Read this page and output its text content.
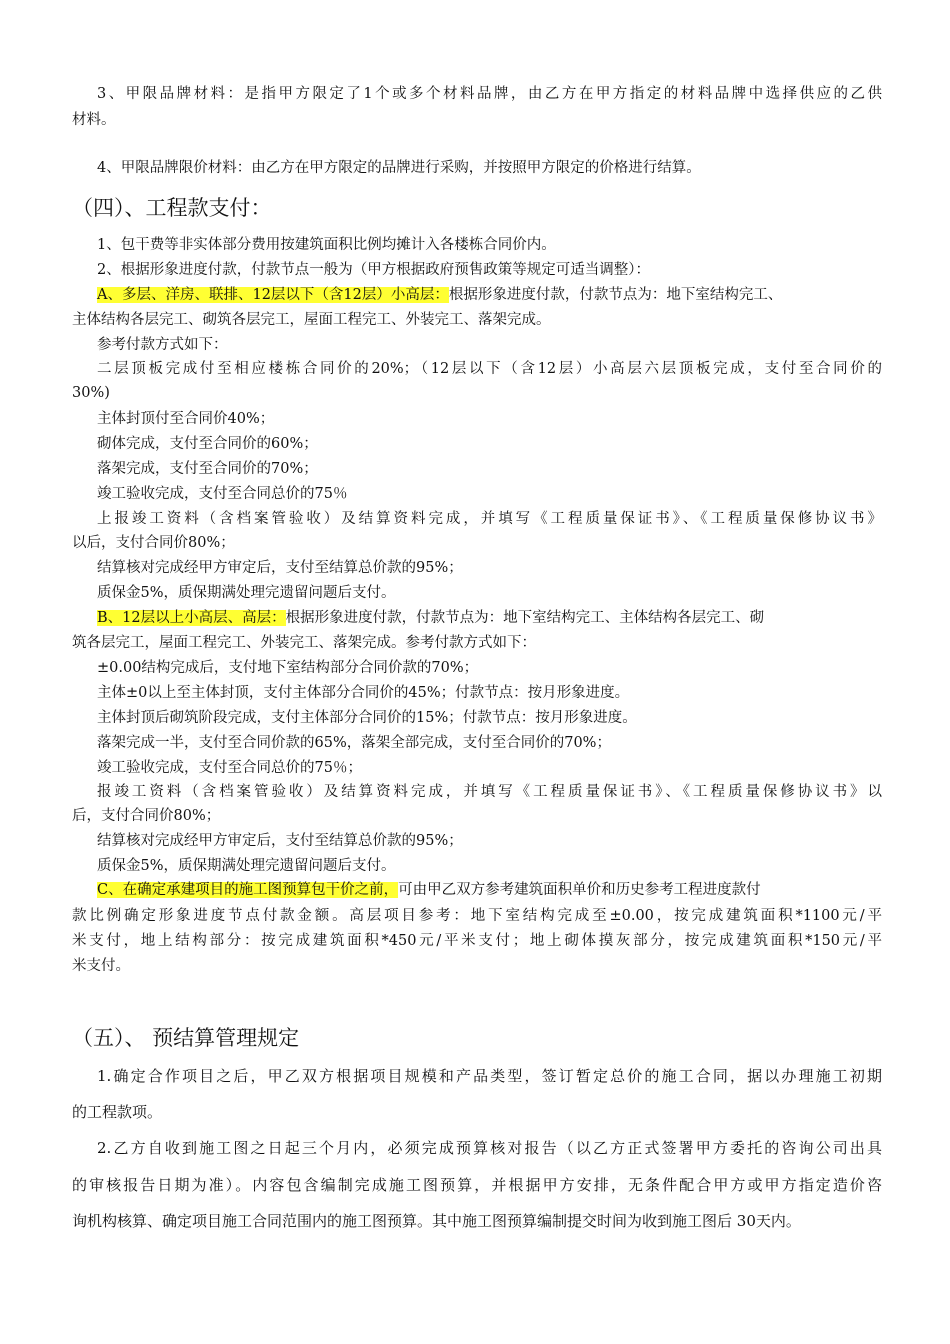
3、甲限品牌材料：是指甲方限定了1个或多个材料品牌，由乙方在甲方指定的材料品牌中选择供应的乙供
材料。
4、甲限品牌限价材料：由乙方在甲方限定的品牌进行采购，并按照甲方限定的价格进行结算。
（四）、工程款支付：
1、包干费等非实体部分费用按建筑面积比例均摊计入各楼栋合同价内。
2、根据形象进度付款，付款节点一般为（甲方根据政府预售政策等规定可适当调整）：
A、多层、洋房、联排、12层以下（含12层）小高层：根据形象进度付款，付款节点为：地下室结构完工、
主体结构各层完工、砌筑各层完工，屋面工程完工、外装完工、落架完成。
参考付款方式如下：
二层顶板完成付至相应楼栋合同价的20%；（12层以下（含12层）小高层六层顶板完成，支付至合同价的
30%)
主体封顶付至合同价40%；
砌体完成，支付至合同价的60%；
落架完成，支付至合同价的70%；
竣工验收完成，支付至合同总价的75％
上报竣工资料（含档案管验收）及结算资料完成，并填写《工程质量保证书》、《工程质量保修协议书》
以后，支付合同价80%；
结算核对完成经甲方审定后，支付至结算总价款的95%；
质保金5%，质保期满处理完遗留问题后支付。
B、12层以上小高层、高层：根据形象进度付款，付款节点为：地下室结构完工、主体结构各层完工、砌
筑各层完工，屋面工程完工、外装完工、落架完成。参考付款方式如下：
±0.00结构完成后，支付地下室结构部分合同价款的70%；
主体±0以上至主体封顶，支付主体部分合同价的45%；付款节点：按月形象进度。
主体封顶后砌筑阶段完成，支付主体部分合同价的15%；付款节点：按月形象进度。
落架完成一半，支付至合同价款的65%，落架全部完成，支付至合同价的70%；
竣工验收完成，支付至合同总价的75％；
报竣工资料（含档案管验收）及结算资料完成，并填写《工程质量保证书》、《工程质量保修协议书》以
后，支付合同价80%；
结算核对完成经甲方审定后，支付至结算总价款的95%；
质保金5%，质保期满处理完遗留问题后支付。
C、在确定承建项目的施工图预算包干价之前，可由甲乙双方参考建筑面积单价和历史参考工程进度款付
款比例确定形象进度节点付款金额。高层项目参考：地下室结构完成至±0.00，按完成建筑面积*1100元/平
米支付，地上结构部分：按完成建筑面积*450元/平米支付；地上砌体摸灰部分，按完成建筑面积*150元/平
米支付。
（五）、 预结算管理规定
1.确定合作项目之后，甲乙双方根据项目规模和产品类型，签订暂定总价的施工合同，据以办理施工初期
的工程款项。
2.乙方自收到施工图之日起三个月内，必须完成预算核对报告（以乙方正式签署甲方委托的咨询公司出具
的审核报告日期为准）。内容包含编制完成施工图预算，并根据甲方安排，无条件配合甲方或甲方指定造价咨
询机构核算、确定项目施工合同范围内的施工图预算。其中施工图预算编制提交时间为收到施工图后 30天内。
